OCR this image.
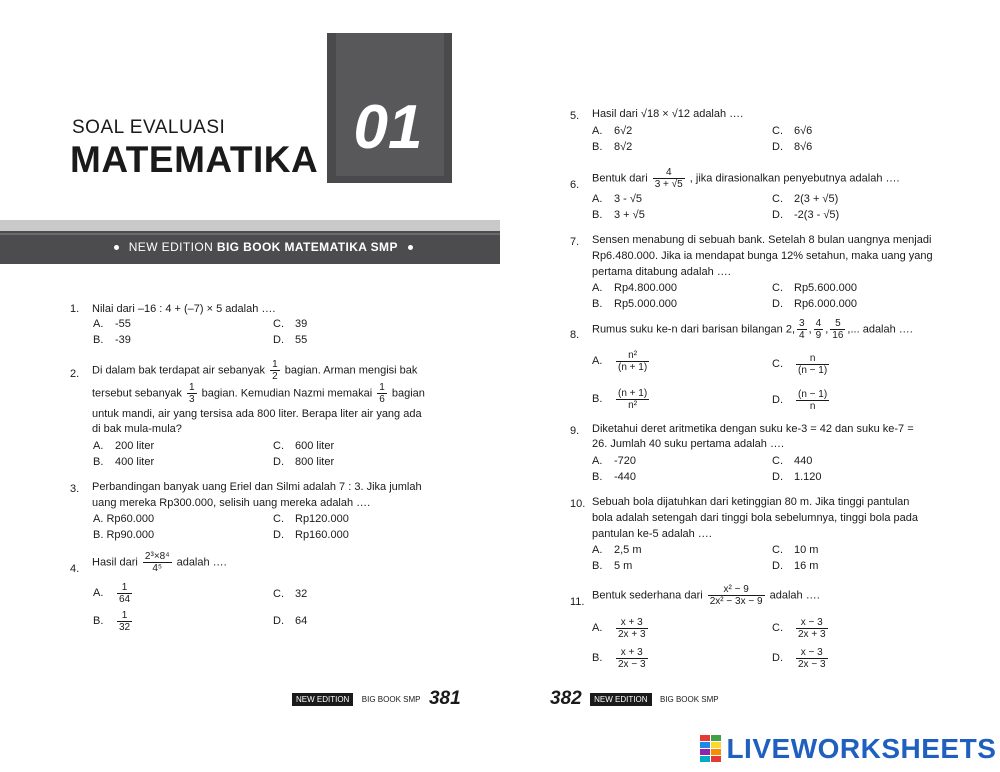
SOAL EVALUASI
MATEMATIKA 01
NEW EDITION BIG BOOK MATEMATIKA SMP
1.	Nilai dari –16 : 4 + (–7) × 5 adalah ….
A. -55
B. -39
C. 39
D. 55
2.	Di dalam bak terdapat air sebanyak $\frac{1}{2}$ bagian. Arman mengisi bak
tersebut sebanyak $\frac{1}{3}$ bagian. Kemudian Nazmi memakai $\frac{1}{6}$ bagian
untuk mandi, air yang tersisa ada 800 liter. Berapa liter air yang ada
di bak mula-mula?
A. 200 liter
B. 400 liter
C. 600 liter
D. 800 liter
3.	Perbandingan banyak uang Eriel dan Silmi adalah 7 : 3. Jika jumlah
uang mereka Rp300.000, selisih uang mereka adalah ….
A. Rp60.000
B. Rp90.000
C. Rp120.000
D. Rp160.000
4.
Hasil dari $\frac{\text{2³×8⁴}}{\text{4⁵}}$ adalah ….
A. $\frac{1}{64}$
B. $\frac{1}{32}$
C. 32
D. 64
NEW EDITION BIG BOOK SMP 381
5.	Hasil dari √18 × √12 adalah ….
A. 6√2
B. 8√2
C. 6√6
D. 8√6
6.
Bentuk dari $\frac{4}{3 + √5}$ , jika dirasionalkan penyebutnya adalah ….
A. 3 - √5
B. 3 + √5
C. 2(3 + √5)
D. -2(3 - √5)
7.	Sensen menabung di sebuah bank. Setelah 8 bulan uangnya menjadi
Rp6.480.000. Jika ia mendapat bunga 12% setahun, maka uang yang
pertama ditabung adalah ….
A. Rp4.800.000
B. Rp5.000.000
C. Rp5.600.000
D. Rp6.000.000
8.	Rumus suku ke-n dari barisan bilangan 2, $\frac{3}{4}$ , $\frac{4}{9}$ , $\frac{5}{16}$ ,... adalah ….
A. $\frac{\text{n²}}{(n + 1)}$
B. $\frac{(n + 1)}{\text{n²}}$
C. $\frac{n}{(n - 1)}$
D. $\frac{(n - 1)}{n}$
9.	Diketahui deret aritmetika dengan suku ke-3 = 42 dan suku ke-7 =
26. Jumlah 40 suku pertama adalah ….
A. -720
B. -440
C. 440
D. 1.120
10. Sebuah bola dijatuhkan dari ketinggian 80 m. Jika tinggi pantulan
bola adalah setengah dari tinggi bola sebelumnya, tinggi bola pada
pantulan ke-5 adalah ….
A. 2,5 m
B. 5 m
C. 10 m
D. 16 m
11.
Bentuk sederhana dari $\frac{\text{x² − 9}}{\text{2x² − 3x − 9}}$ adalah ….
A. $\frac{x + 3}{2x + 3}$
B. $\frac{x + 3}{2x - 3}$
C. $\frac{x - 3}{2x + 3}$
D. $\frac{x - 3}{2x - 3}$
382 NEW EDITION BIG BOOK SMP
LIVEWORKSHEETS
